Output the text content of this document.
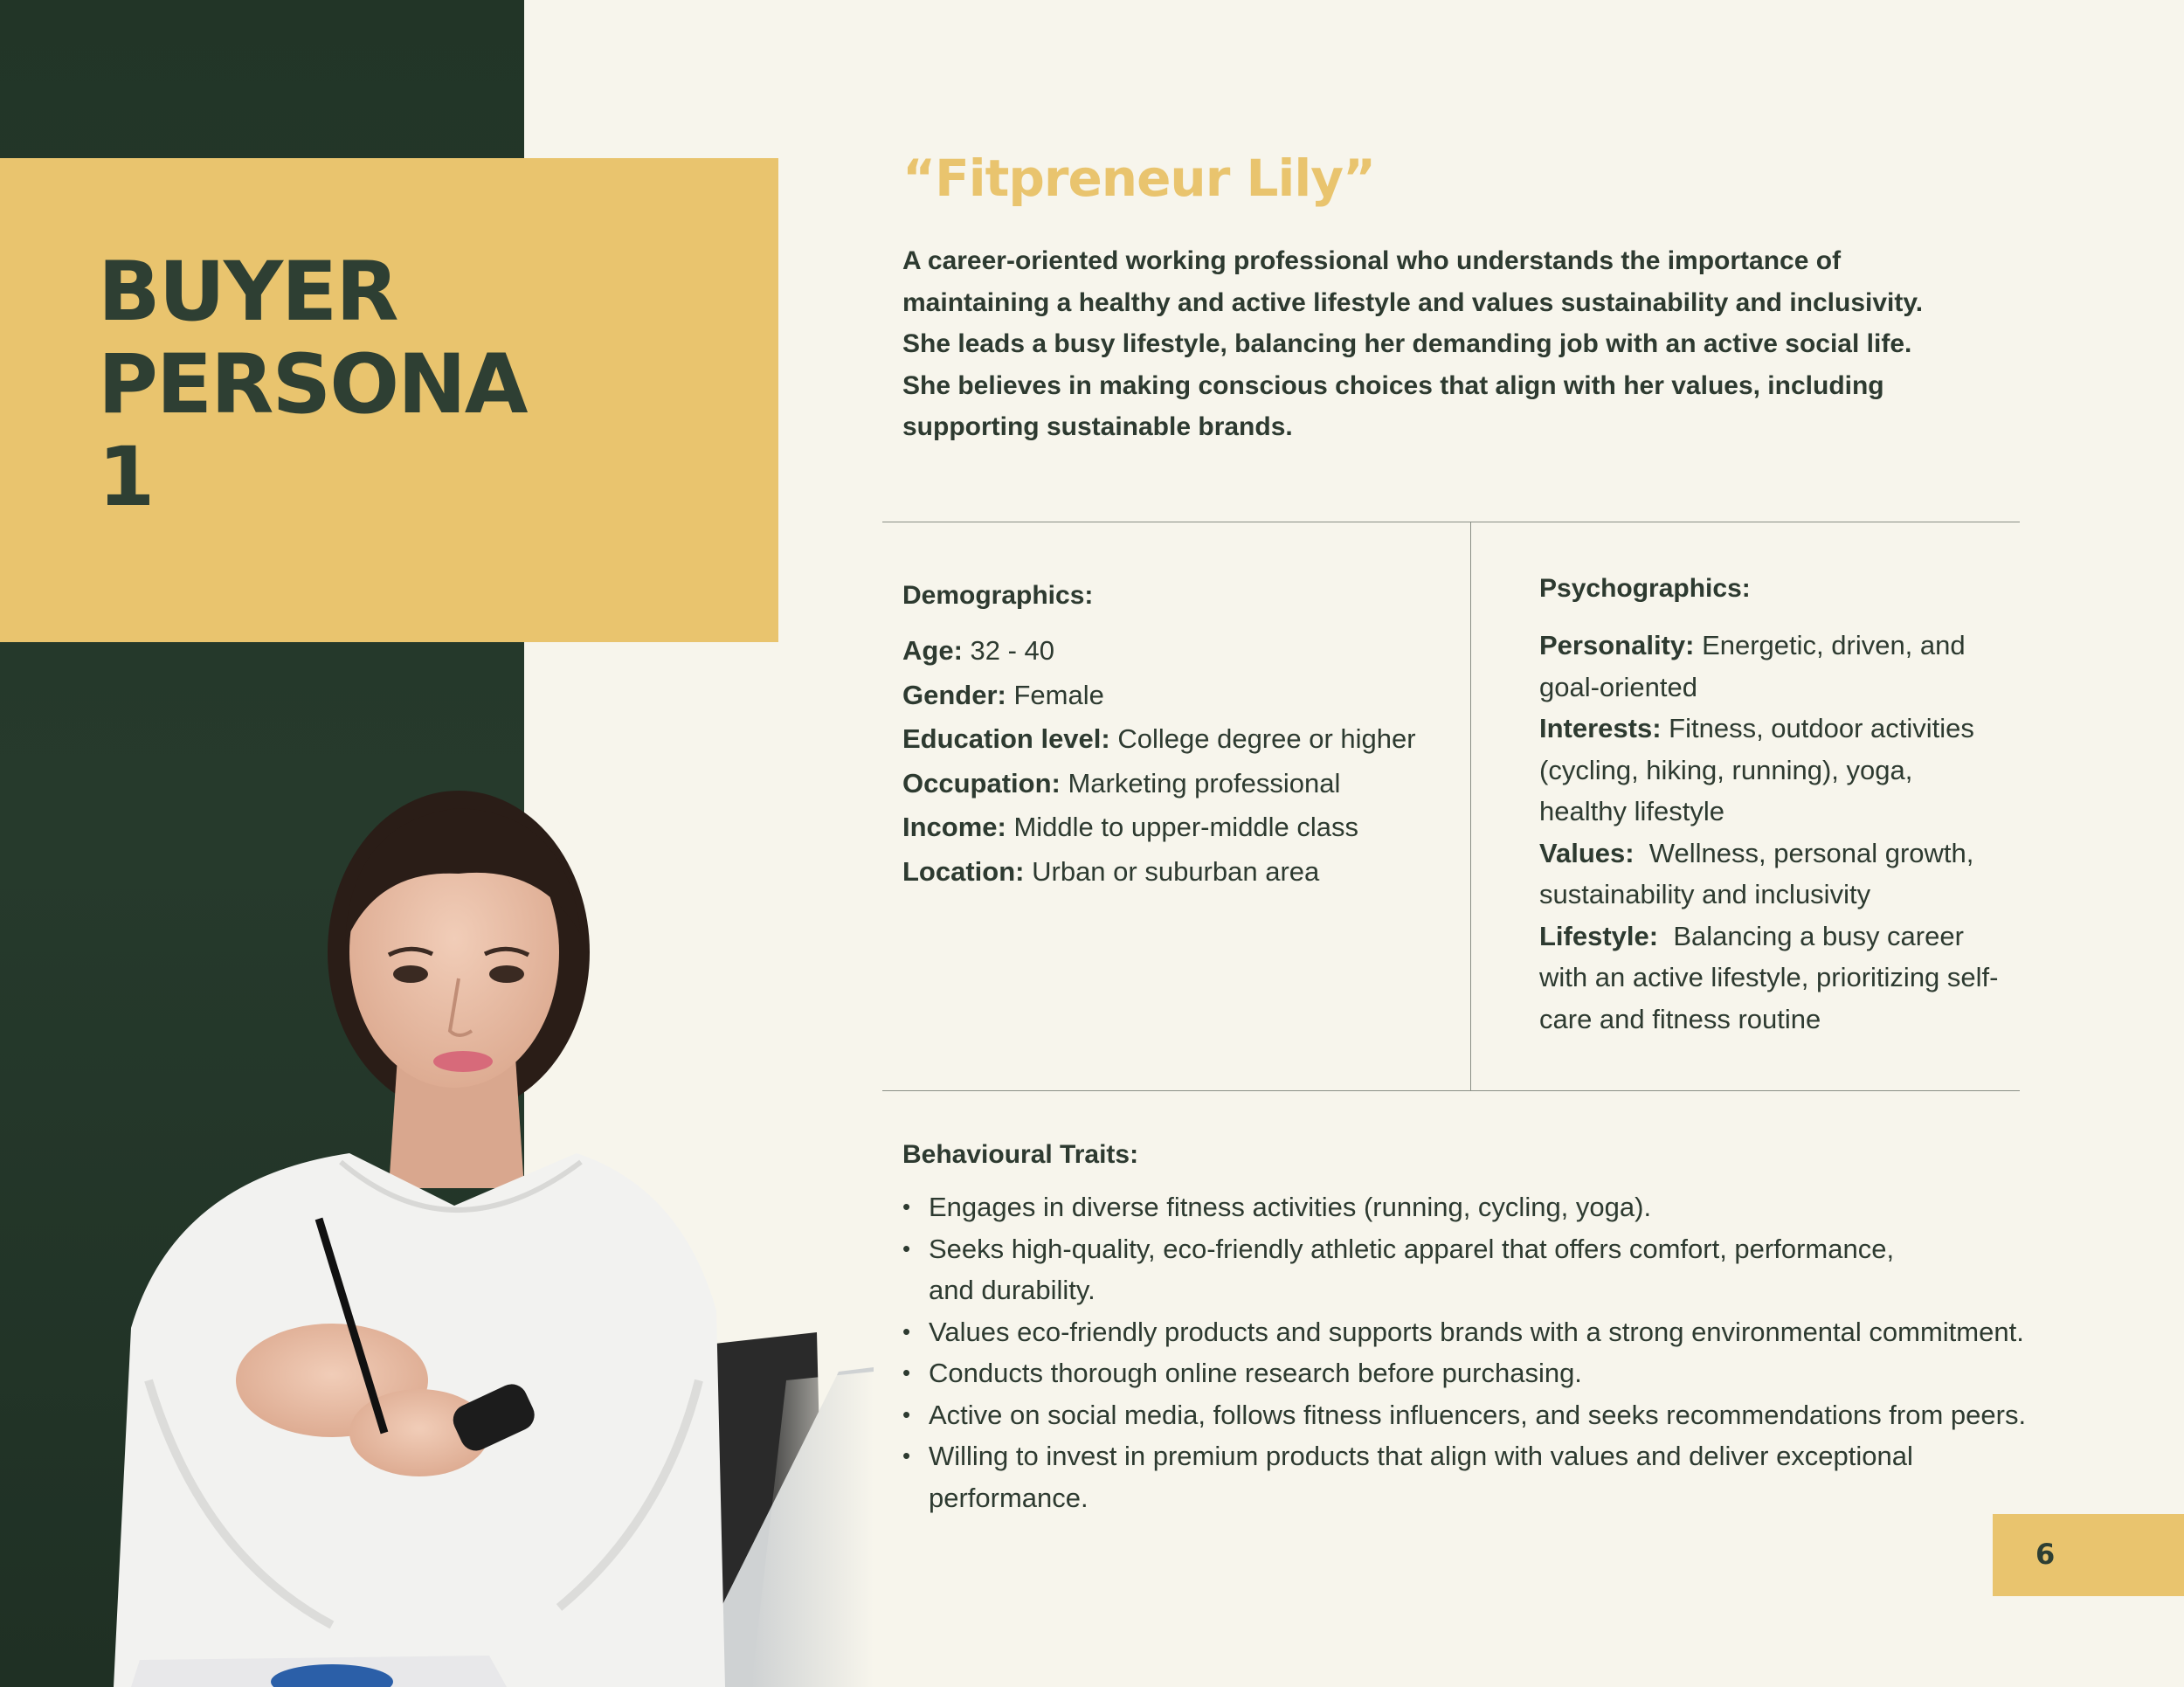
BUYER
PERSONA
1
“Fitpreneur Lily”

A career-oriented working professional who understands the importance of
maintaining a healthy and active lifestyle and values sustainability and inclusivity.
She leads a busy lifestyle, balancing her demanding job with an active social life.
She believes in making conscious choices that align with her values, including
supporting sustainable brands.

Demographics:
Age: 32 - 40
Gender: Female
Education level: College degree or higher
Occupation: Marketing professional
Income: Middle to upper-middle class
Location: Urban or suburban area
Psychographics:
Personality: Energetic, driven, and
goal-oriented
Interests: Fitness, outdoor activities
(cycling, hiking, running), yoga,
healthy lifestyle
Values:  Wellness, personal growth,
sustainability and inclusivity
Lifestyle:  Balancing a busy career
with an active lifestyle, prioritizing self-
care and fitness routine
Behavioural Traits:
• Engages in diverse fitness activities (running, cycling, yoga).
• Seeks high-quality, eco-friendly athletic apparel that offers comfort, performance,
and durability.
• Values eco-friendly products and supports brands with a strong environmental commitment.
• Conducts thorough online research before purchasing.
• Active on social media, follows fitness influencers, and seeks recommendations from peers.
• Willing to invest in premium products that align with values and deliver exceptional
performance.
6
